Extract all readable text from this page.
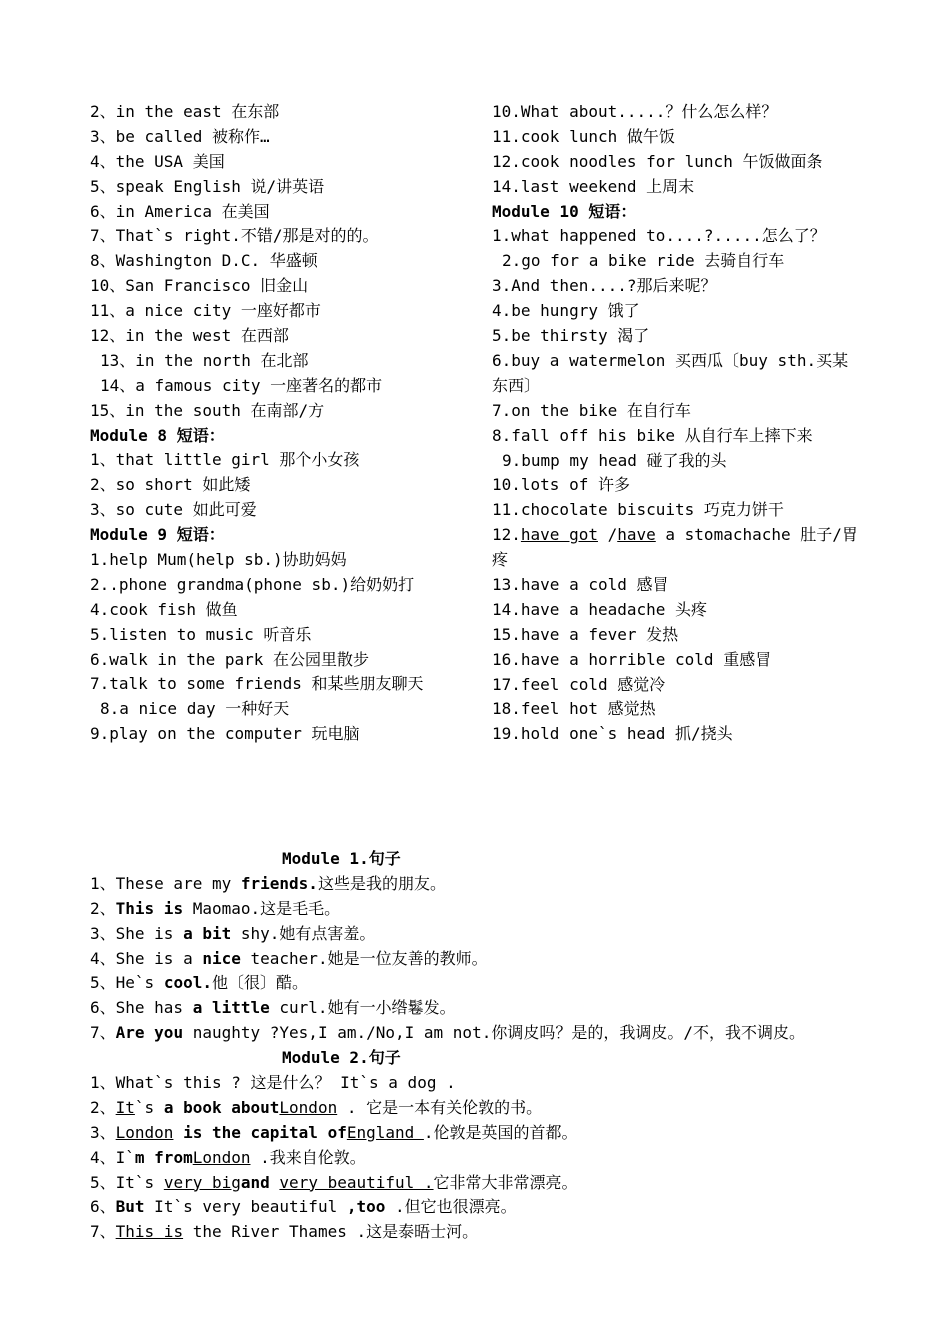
2、in the east 在东部
3、be called 被称作…
4、the USA 美国
5、speak English 说/讲英语
6、in America 在美国
7、That`s right.不错/那是对的的。
8、Washington D.C. 华盛顿
10、San Francisco 旧金山
11、a nice city 一座好都市
12、in the west 在西部
13、in the north 在北部
14、a famous city 一座著名的都市
15、in the south 在南部/方
Module 8 短语：
1、that little girl 那个小女孩
2、so short 如此矮
3、so cute 如此可爱
Module 9 短语：
1.help Mum(help sb.)协助妈妈
2..phone grandma(phone sb.)给奶奶打
4.cook fish 做鱼
5.listen to music 听音乐
6.walk in the park 在公园里散步
7.talk to some friends 和某些朋友聊天
8.a nice day 一种好天
9.play on the computer 玩电脑
10.What about.....？什么怎么样？
11.cook lunch 做午饭
12.cook noodles for lunch 午饭做面条
14.last weekend 上周末
Module 10 短语：
1.what happened to....?.....怎么了？
2.go for a bike ride 去骑自行车
3.And then....?那后来呢？
4.be hungry 饿了
5.be thirsty 渴了
6.buy a watermelon 买西瓜〔buy sth.买某东西〕
7.on the bike 在自行车
8.fall off his bike 从自行车上摔下来
9.bump my head 碰了我的头
10.lots of 许多
11.chocolate biscuits 巧克力饼干
12.have got /have a stomachache 肚子/胃疼
13.have a cold 感冒
14.have a headache 头疼
15.have a fever 发热
16.have a horrible cold 重感冒
17.feel cold 感觉冷
18.feel hot 感觉热
19.hold one`s head 抓/挠头
Module 1.句子
1、These are my friends.这些是我的朋友。
2、This is Maomao.这是毛毛。
3、She is a bit shy.她有点害羞。
4、She is a nice teacher.她是一位友善的教师。
5、He`s cool.他〔很〕酷。
6、She has a little curl.她有一小绺鬈发。
7、Are you naughty ?Yes,I am./No,I am not.你调皮吗？是的，我调皮。/不，我不调皮。
Module 2.句子
1、What`s this ? 这是什么？ It`s a dog .
2、It`s a book aboutLondon . 它是一本有关伦敦的书。
3、London is the capital ofEngland .伦敦是英国的首都。
4、I`m fromLondon .我来自伦敦。
5、It`s very bigand very beautiful .它非常大非常漂亮。
6、But It`s very beautiful ,too .但它也很漂亮。
7、This is the River Thames .这是泰晤士河。
